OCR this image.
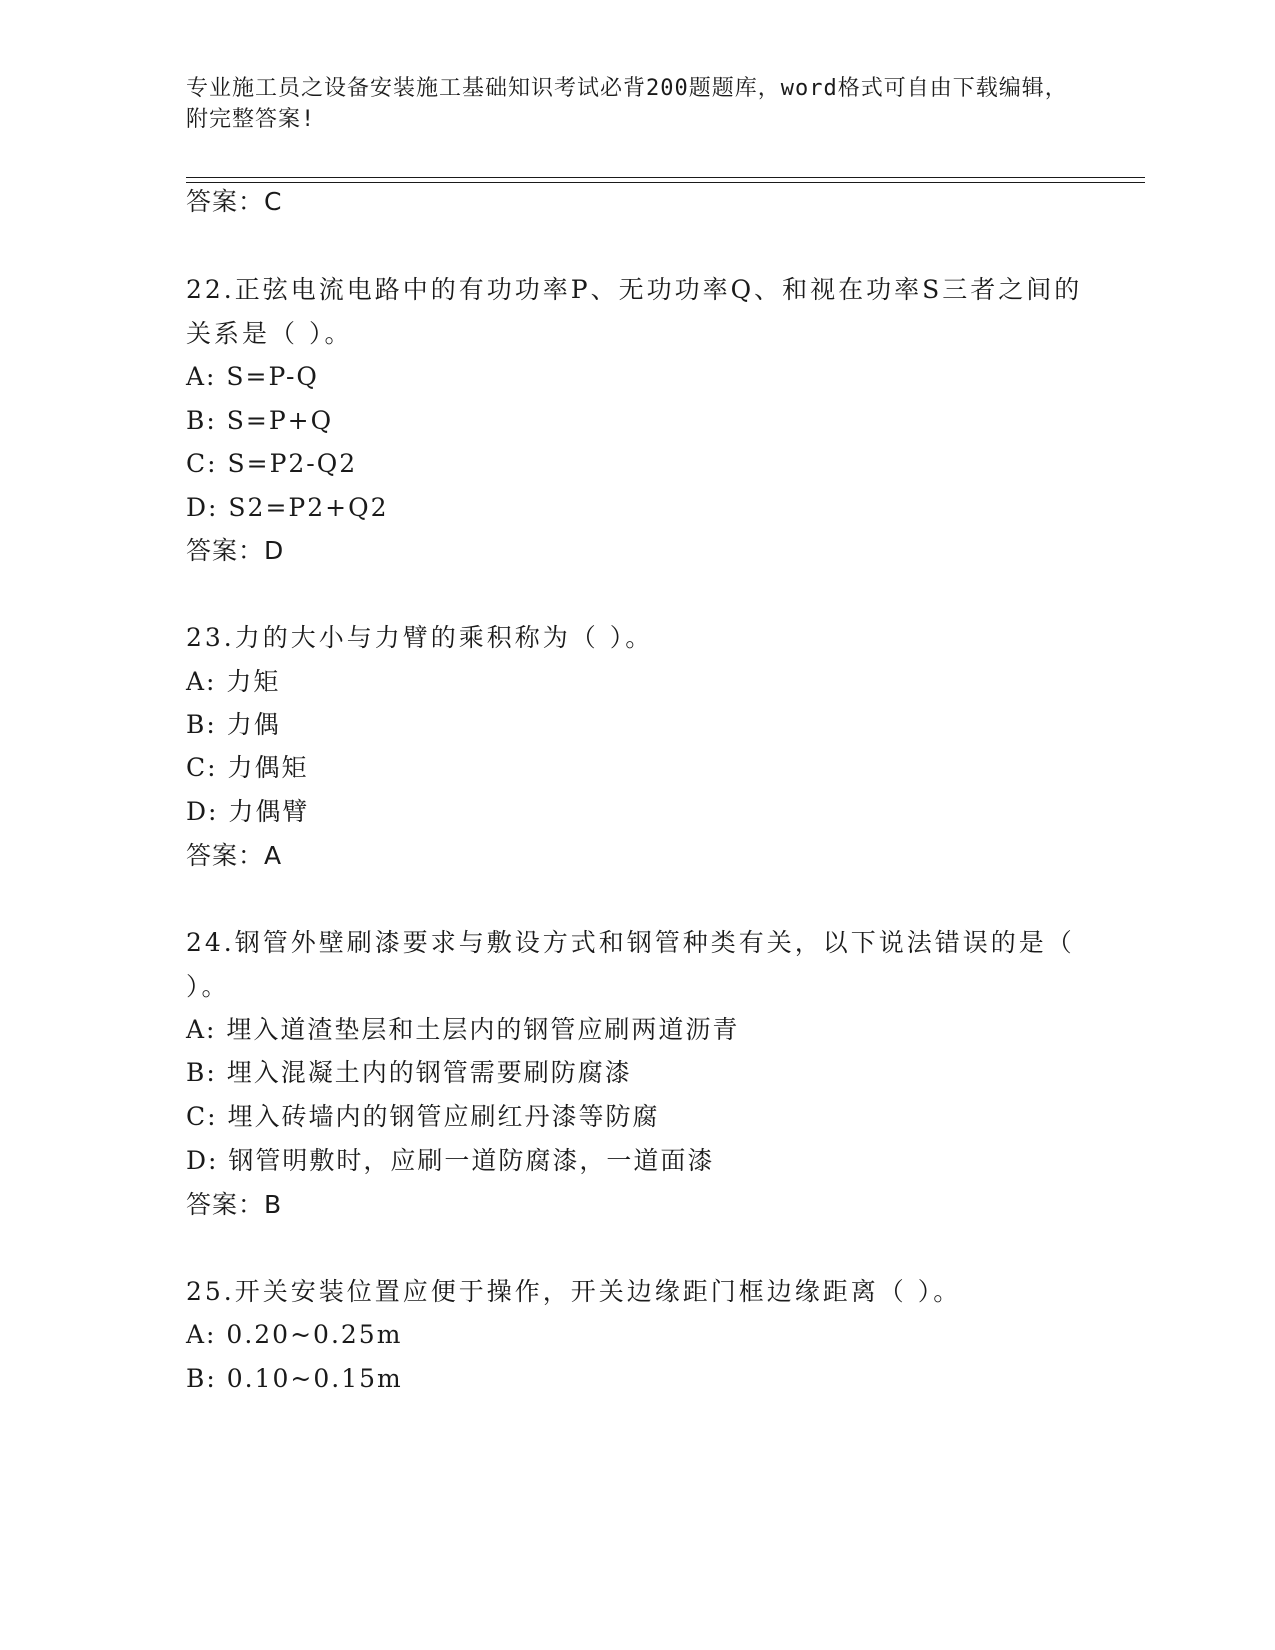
专业施工员之设备安装施工基础知识考试必背200题题库，word格式可自由下载编辑，附完整答案!
答案：C
22.正弦电流电路中的有功功率P、无功功率Q、和视在功率S三者之间的关系是（ ）。
A: S=P-Q
B: S=P+Q
C: S=P2-Q2
D: S2=P2+Q2
答案：D
23.力的大小与力臂的乘积称为（ ）。
A: 力矩
B: 力偶
C: 力偶矩
D: 力偶臂
答案：A
24.钢管外壁刷漆要求与敷设方式和钢管种类有关，以下说法错误的是（ ）。
A: 埋入道渣垫层和土层内的钢管应刷两道沥青
B: 埋入混凝土内的钢管需要刷防腐漆
C: 埋入砖墙内的钢管应刷红丹漆等防腐
D: 钢管明敷时，应刷一道防腐漆，一道面漆
答案：B
25.开关安装位置应便于操作，开关边缘距门框边缘距离（ ）。
A: 0.20~0.25m
B: 0.10~0.15m
